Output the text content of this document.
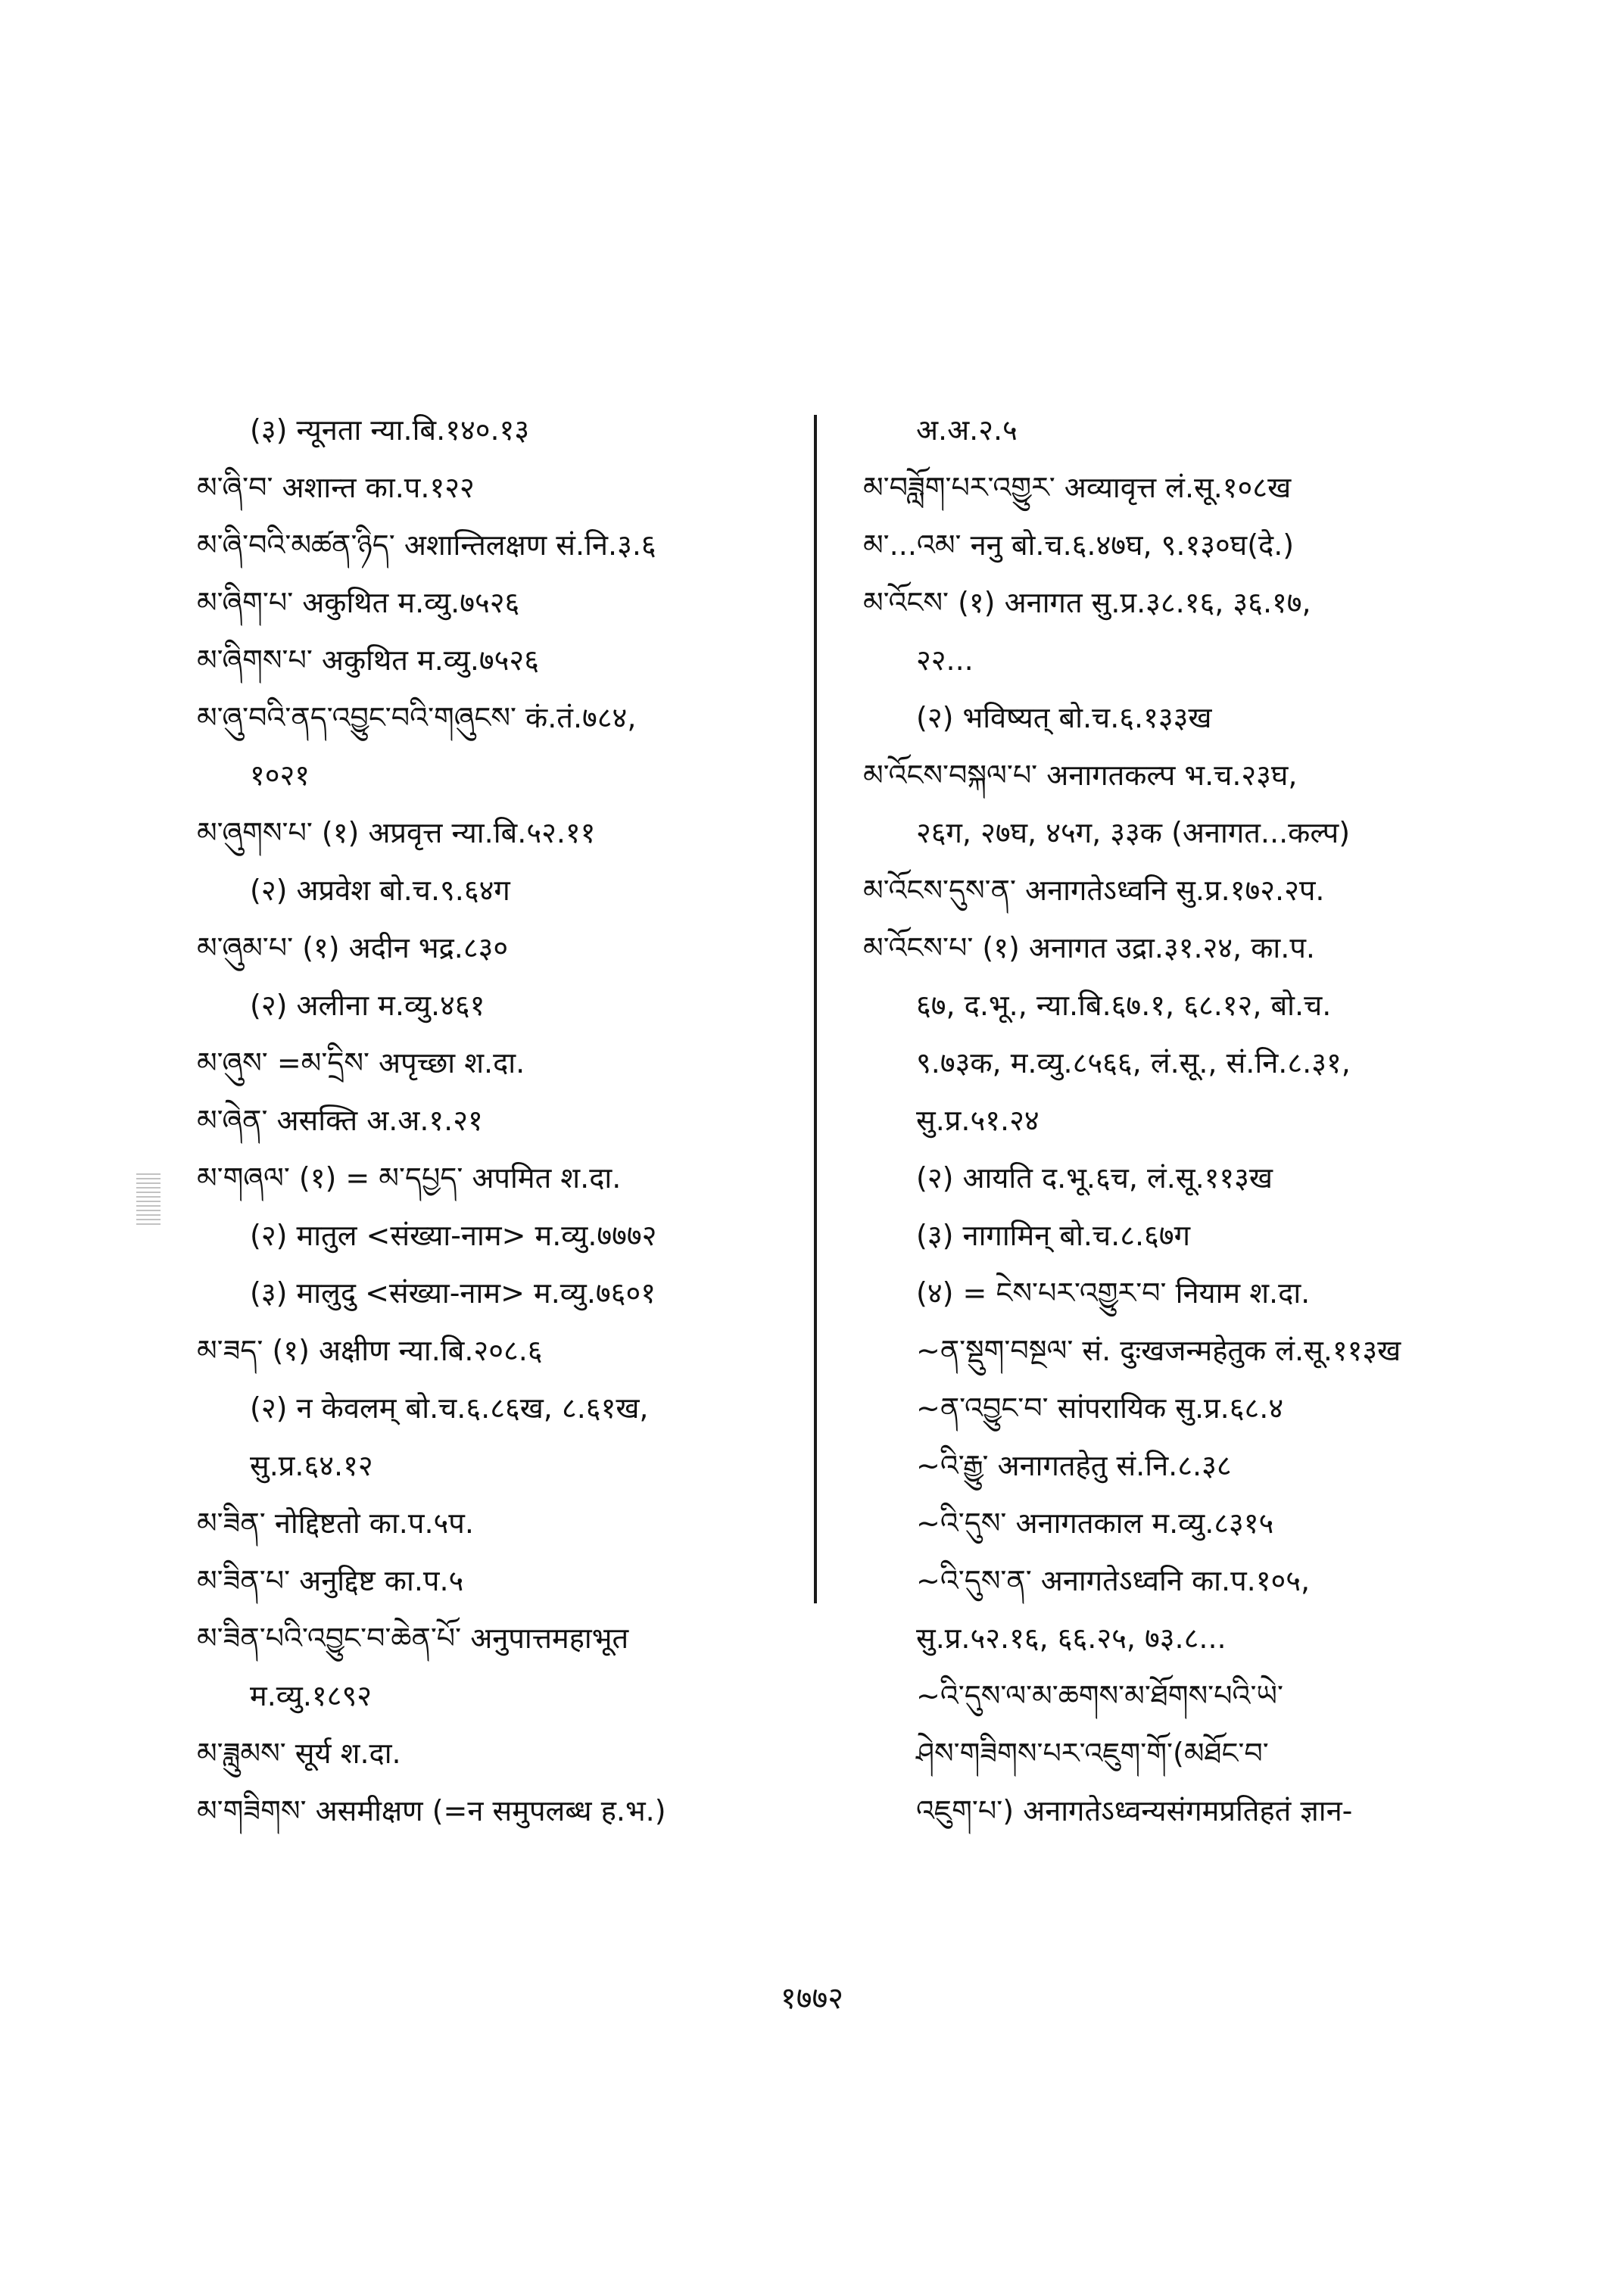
(३) न्यूनता न्या.बि.१४०.१३
མ་ཞི་བ་ अशान्त का.प.१२२
མ་ཞི་བའི་མཚན་ཉིད་ अशान्तिलक्षण सं.नि.३.६
མ་ཞིག་པ་ अकुथित म.व्यु.७५२६
མ་ཞིགས་པ་ अकुथित म.व्यु.७५२६
མ་ཞུ་བའི་ནད་འབྱུང་བའི་གཞུངས་ कं.तं.७८४,
१०२१
མ་ཞུགས་པ་ (१) अप्रवृत्त न्या.बि.५२.११
(२) अप्रवेश बो.च.९.६४ग
མ་ཞུམ་པ་ (१) अदीन भद्र.८३०
(२) अलीना म.व्यु.४६१
མ་ཞུས་ =མ་དྲིས་ अपृच्छा श.दा.
མ་ཞེན་ असक्ति अ.अ.१.२१
མ་གཞལ་ (१) = མ་དཔྱད་ अपमित श.दा.
(२) मातुल <संख्या-नाम> म.व्यु.७७७२
(३) मालुदु <संख्या-नाम> म.व्यु.७६०१
མ་ཟད་ (१) अक्षीण न्या.बि.२०८.६
(२) न केवलम् बो.च.६.८६ख, ८.६१ख,
सु.प्र.६४.१२
མ་ཟིན་ नोद्दिष्टतो का.प.५प.
མ་ཟིན་པ་ अनुद्दिष्ट का.प.५
མ་ཟིན་པའི་འབྱུང་བ་ཆེན་པོ་ अनुपात्तमहाभूत
म.व्यु.१८९२
མ་ཟླུམས་ सूर्य श.दा.
མ་གཟིགས་ असमीक्षण (=न समुपलब्ध ह.भ.)
अ.अ.२.५
མ་བཟློག་པར་འགྱུར་ अव्यावृत्त लं.सू.१०८ख
མ་...འམ་ ननु बो.च.६.४७घ, ९.१३०घ(दे.)
མ་འོངས་ (१) अनागत सु.प्र.३८.१६, ३६.१७,
२२...
(२) भविष्यत् बो.च.६.१३३ख
མ་འོངས་བསྐལ་པ་ अनागतकल्प भ.च.२३घ,
२६ग, २७घ, ४५ग, ३३क (अनागत...कल्प)
མ་འོངས་དུས་ན་ अनागतेऽध्वनि सु.प्र.१७२.२प.
མ་འོངས་པ་ (१) अनागत उद्रा.३१.२४, का.प.
६७, द.भू., न्या.बि.६७.१, ६८.१२, बो.च.
९.७३क, म.व्यु.८५६६, लं.सू., सं.नि.८.३१,
सु.प्र.५१.२४
(२) आयति द.भू.६च, लं.सू.११३ख
(३) नागामिन् बो.च.८.६७ग
(४) = ངེས་པར་འགྱུར་བ་ नियाम श.दा.
~ན་སྡུག་བསྔལ་ सं. दुःखजन्महेतुक लं.सू.११३ख
~ན་འབྱུང་བ་ सांपरायिक सु.प्र.६८.४
~འི་རྒྱུ་ अनागतहेतु सं.नि.८.३८
~འི་དུས་ अनागतकाल म.व्यु.८३१५
~འི་དུས་ན་ अनागतेऽध्वनि का.प.१०५,
सु.प्र.५२.१६, ६६.२५, ७३.८...
~འི་དུས་ལ་མ་ཆགས་མ་ཐོགས་པའི་ཡེ་
ཤེས་གཟིགས་པར་འཇུག་གོ་(མཐོང་བ་
འཇུག་པ་) अनागतेऽध्वन्यसंगमप्रतिहतं ज्ञान-
१७७२
